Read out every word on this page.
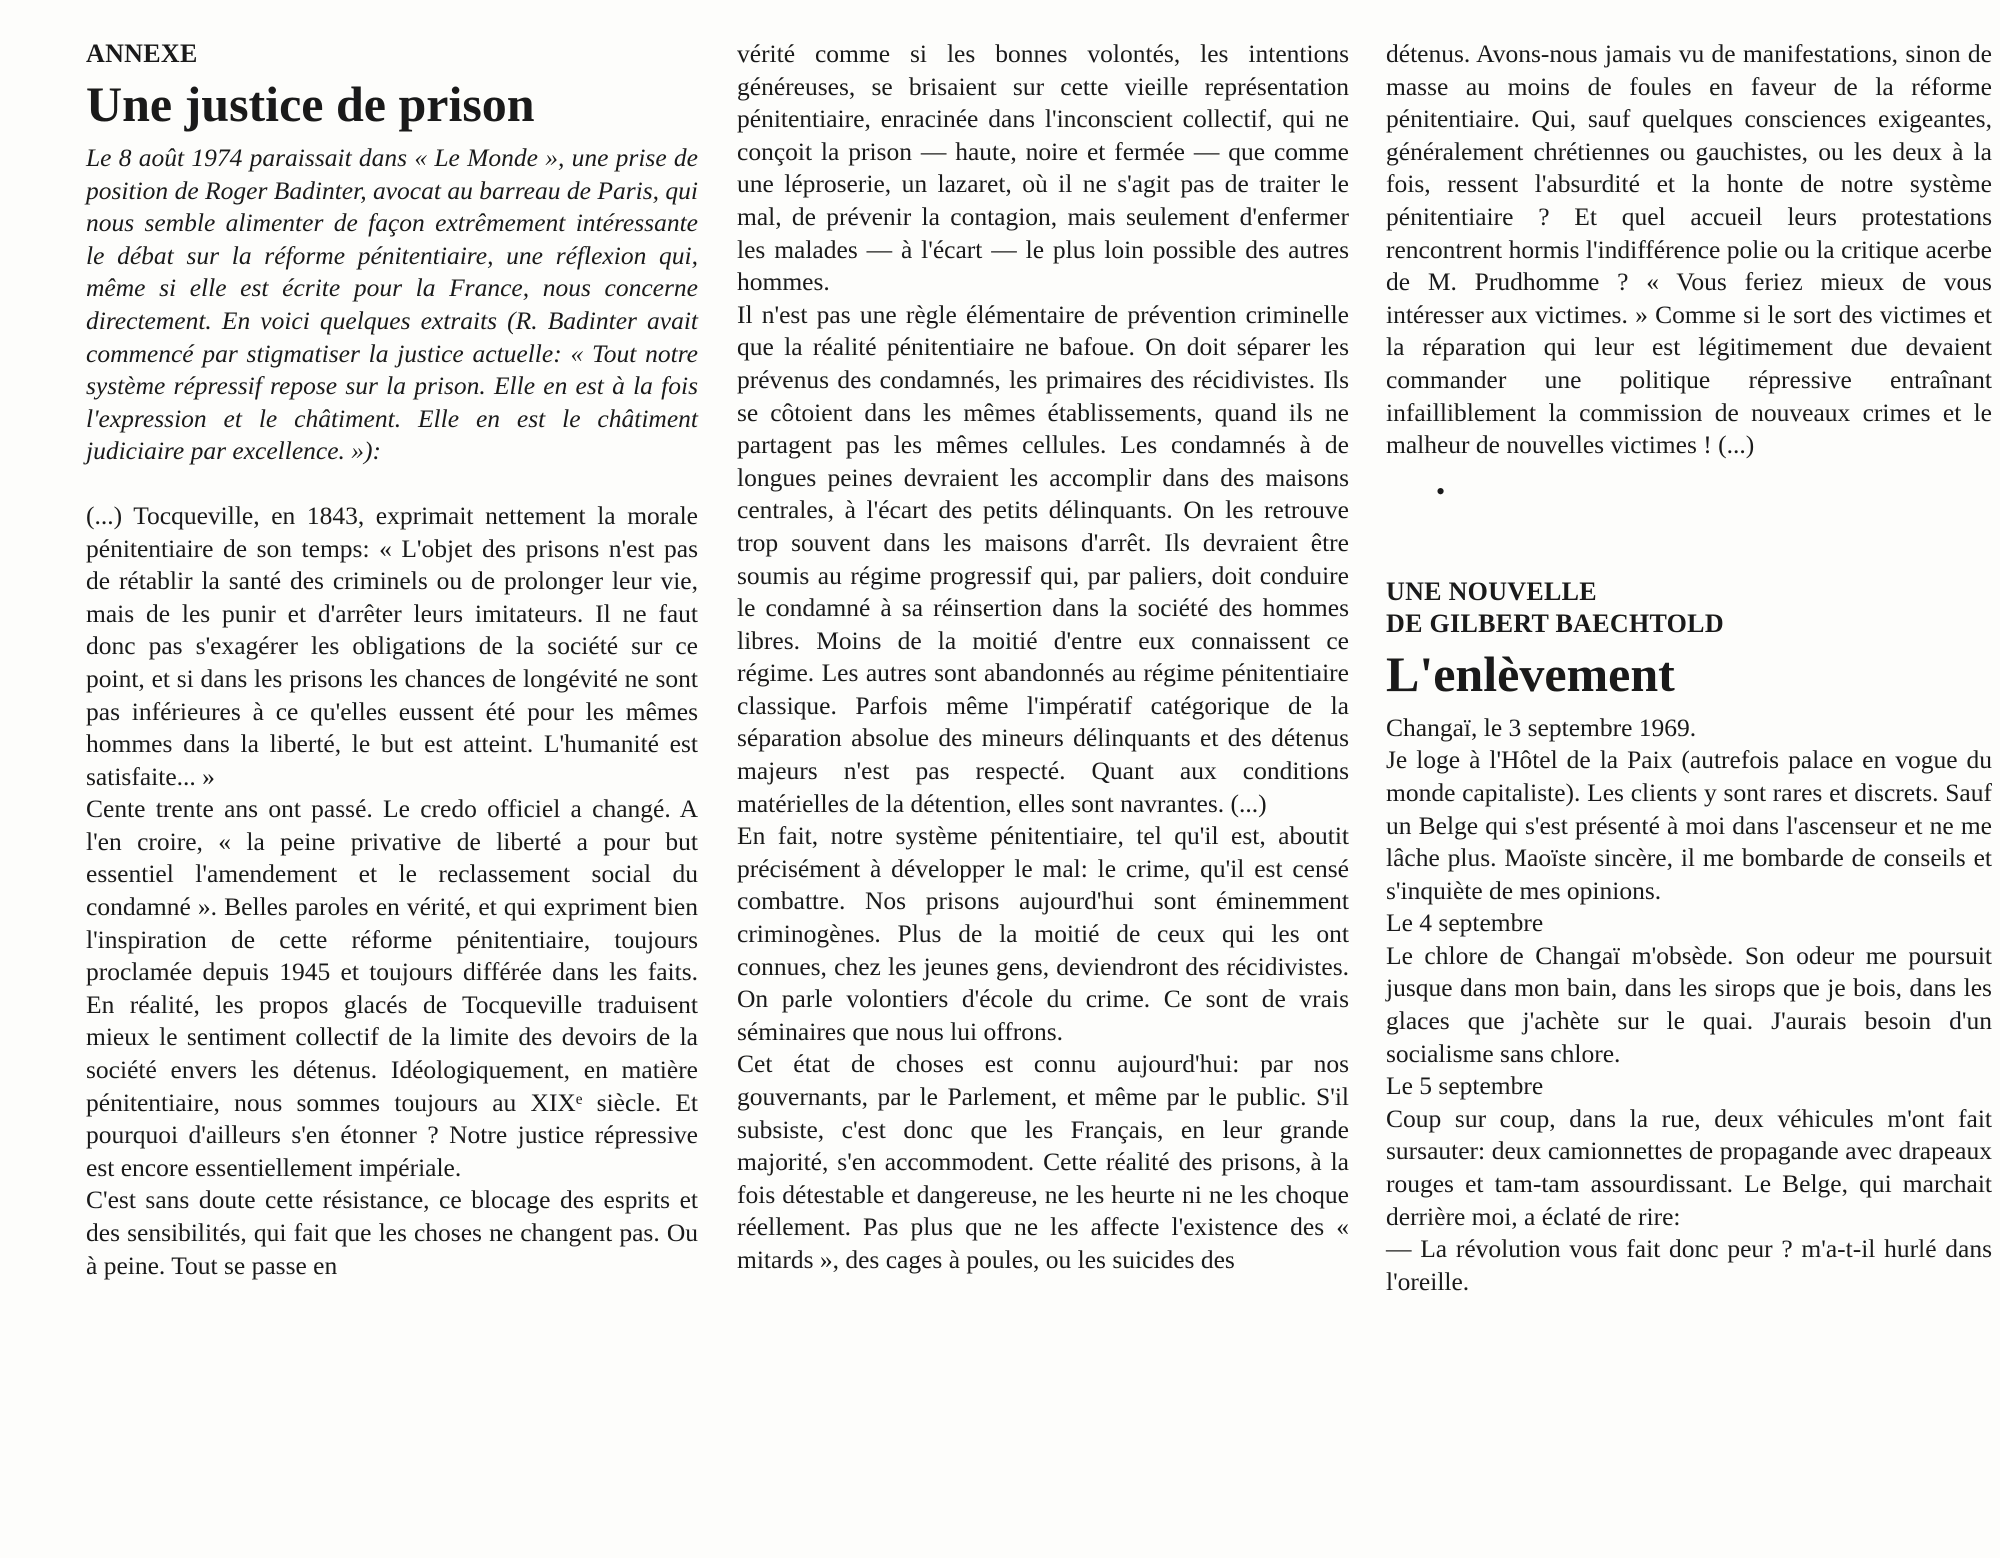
ANNEXE
Une justice de prison

Le 8 août 1974 paraissait dans « Le Monde », une prise de position de Roger Badinter, avocat au barreau de Paris, qui nous semble alimenter de façon extrêmement intéressante le débat sur la réforme pénitentiaire, une réflexion qui, même si elle est écrite pour la France, nous concerne directement. En voici quelques extraits (R. Badinter avait commencé par stigmatiser la justice actuelle: « Tout notre système répressif repose sur la prison. Elle en est à la fois l'expression et le châtiment. Elle en est le châtiment judiciaire par excellence. »):

(...) Tocqueville, en 1843, exprimait nettement la morale pénitentiaire de son temps: « L'objet des prisons n'est pas de rétablir la santé des criminels ou de prolonger leur vie, mais de les punir et d'arrêter leurs imitateurs. Il ne faut donc pas s'exagérer les obligations de la société sur ce point, et si dans les prisons les chances de longévité ne sont pas inférieures à ce qu'elles eussent été pour les mêmes hommes dans la liberté, le but est atteint. L'humanité est satisfaite... »

Cente trente ans ont passé. Le credo officiel a changé. A l'en croire, « la peine privative de liberté a pour but essentiel l'amendement et le reclassement social du condamné ». Belles paroles en vérité, et qui expriment bien l'inspiration de cette réforme pénitentiaire, toujours proclamée depuis 1945 et toujours différée dans les faits. En réalité, les propos glacés de Tocqueville traduisent mieux le sentiment collectif de la limite des devoirs de la société envers les détenus. Idéologiquement, en matière pénitentiaire, nous sommes toujours au XIXᵉ siècle. Et pourquoi d'ailleurs s'en étonner ? Notre justice répressive est encore essentiellement impériale.

C'est sans doute cette résistance, ce blocage des esprits et des sensibilités, qui fait que les choses ne changent pas. Ou à peine. Tout se passe en

vérité comme si les bonnes volontés, les intentions généreuses, se brisaient sur cette vieille représentation pénitentiaire, enracinée dans l'inconscient collectif, qui ne conçoit la prison — haute, noire et fermée — que comme une léproserie, un lazaret, où il ne s'agit pas de traiter le mal, de prévenir la contagion, mais seulement d'enfermer les malades — à l'écart — le plus loin possible des autres hommes.

Il n'est pas une règle élémentaire de prévention criminelle que la réalité pénitentiaire ne bafoue. On doit séparer les prévenus des condamnés, les primaires des récidivistes. Ils se côtoient dans les mêmes établissements, quand ils ne partagent pas les mêmes cellules. Les condamnés à de longues peines devraient les accomplir dans des maisons centrales, à l'écart des petits délinquants. On les retrouve trop souvent dans les maisons d'arrêt. Ils devraient être soumis au régime progressif qui, par paliers, doit conduire le condamné à sa réinsertion dans la société des hommes libres. Moins de la moitié d'entre eux connaissent ce régime. Les autres sont abandonnés au régime pénitentiaire classique. Parfois même l'impératif catégorique de la séparation absolue des mineurs délinquants et des détenus majeurs n'est pas respecté. Quant aux conditions matérielles de la détention, elles sont navrantes. (...)

En fait, notre système pénitentiaire, tel qu'il est, aboutit précisément à développer le mal: le crime, qu'il est censé combattre. Nos prisons aujourd'hui sont éminemment criminogènes. Plus de la moitié de ceux qui les ont connues, chez les jeunes gens, deviendront des récidivistes. On parle volontiers d'école du crime. Ce sont de vrais séminaires que nous lui offrons.

Cet état de choses est connu aujourd'hui: par nos gouvernants, par le Parlement, et même par le public. S'il subsiste, c'est donc que les Français, en leur grande majorité, s'en accommodent. Cette réalité des prisons, à la fois détestable et dangereuse, ne les heurte ni ne les choque réellement. Pas plus que ne les affecte l'existence des « mitards », des cages à poules, ou les suicides des

détenus. Avons-nous jamais vu de manifestations, sinon de masse au moins de foules en faveur de la réforme pénitentiaire. Qui, sauf quelques consciences exigeantes, généralement chrétiennes ou gauchistes, ou les deux à la fois, ressent l'absurdité et la honte de notre système pénitentiaire ? Et quel accueil leurs protestations rencontrent hormis l'indifférence polie ou la critique acerbe de M. Prudhomme ? « Vous feriez mieux de vous intéresser aux victimes. » Comme si le sort des victimes et la réparation qui leur est légitimement due devaient commander une politique répressive entraînant infailliblement la commission de nouveaux crimes et le malheur de nouvelles victimes ! (...)

•
UNE NOUVELLE
DE GILBERT BAECHTOLD
L'enlèvement

Changaï, le 3 septembre 1969.

Je loge à l'Hôtel de la Paix (autrefois palace en vogue du monde capitaliste). Les clients y sont rares et discrets. Sauf un Belge qui s'est présenté à moi dans l'ascenseur et ne me lâche plus. Maoïste sincère, il me bombarde de conseils et s'inquiète de mes opinions.

Le 4 septembre

Le chlore de Changaï m'obsède. Son odeur me poursuit jusque dans mon bain, dans les sirops que je bois, dans les glaces que j'achète sur le quai. J'aurais besoin d'un socialisme sans chlore.

Le 5 septembre

Coup sur coup, dans la rue, deux véhicules m'ont fait sursauter: deux camionnettes de propagande avec drapeaux rouges et tam-tam assourdissant. Le Belge, qui marchait derrière moi, a éclaté de rire:

— La révolution vous fait donc peur ? m'a-t-il hurlé dans l'oreille.
